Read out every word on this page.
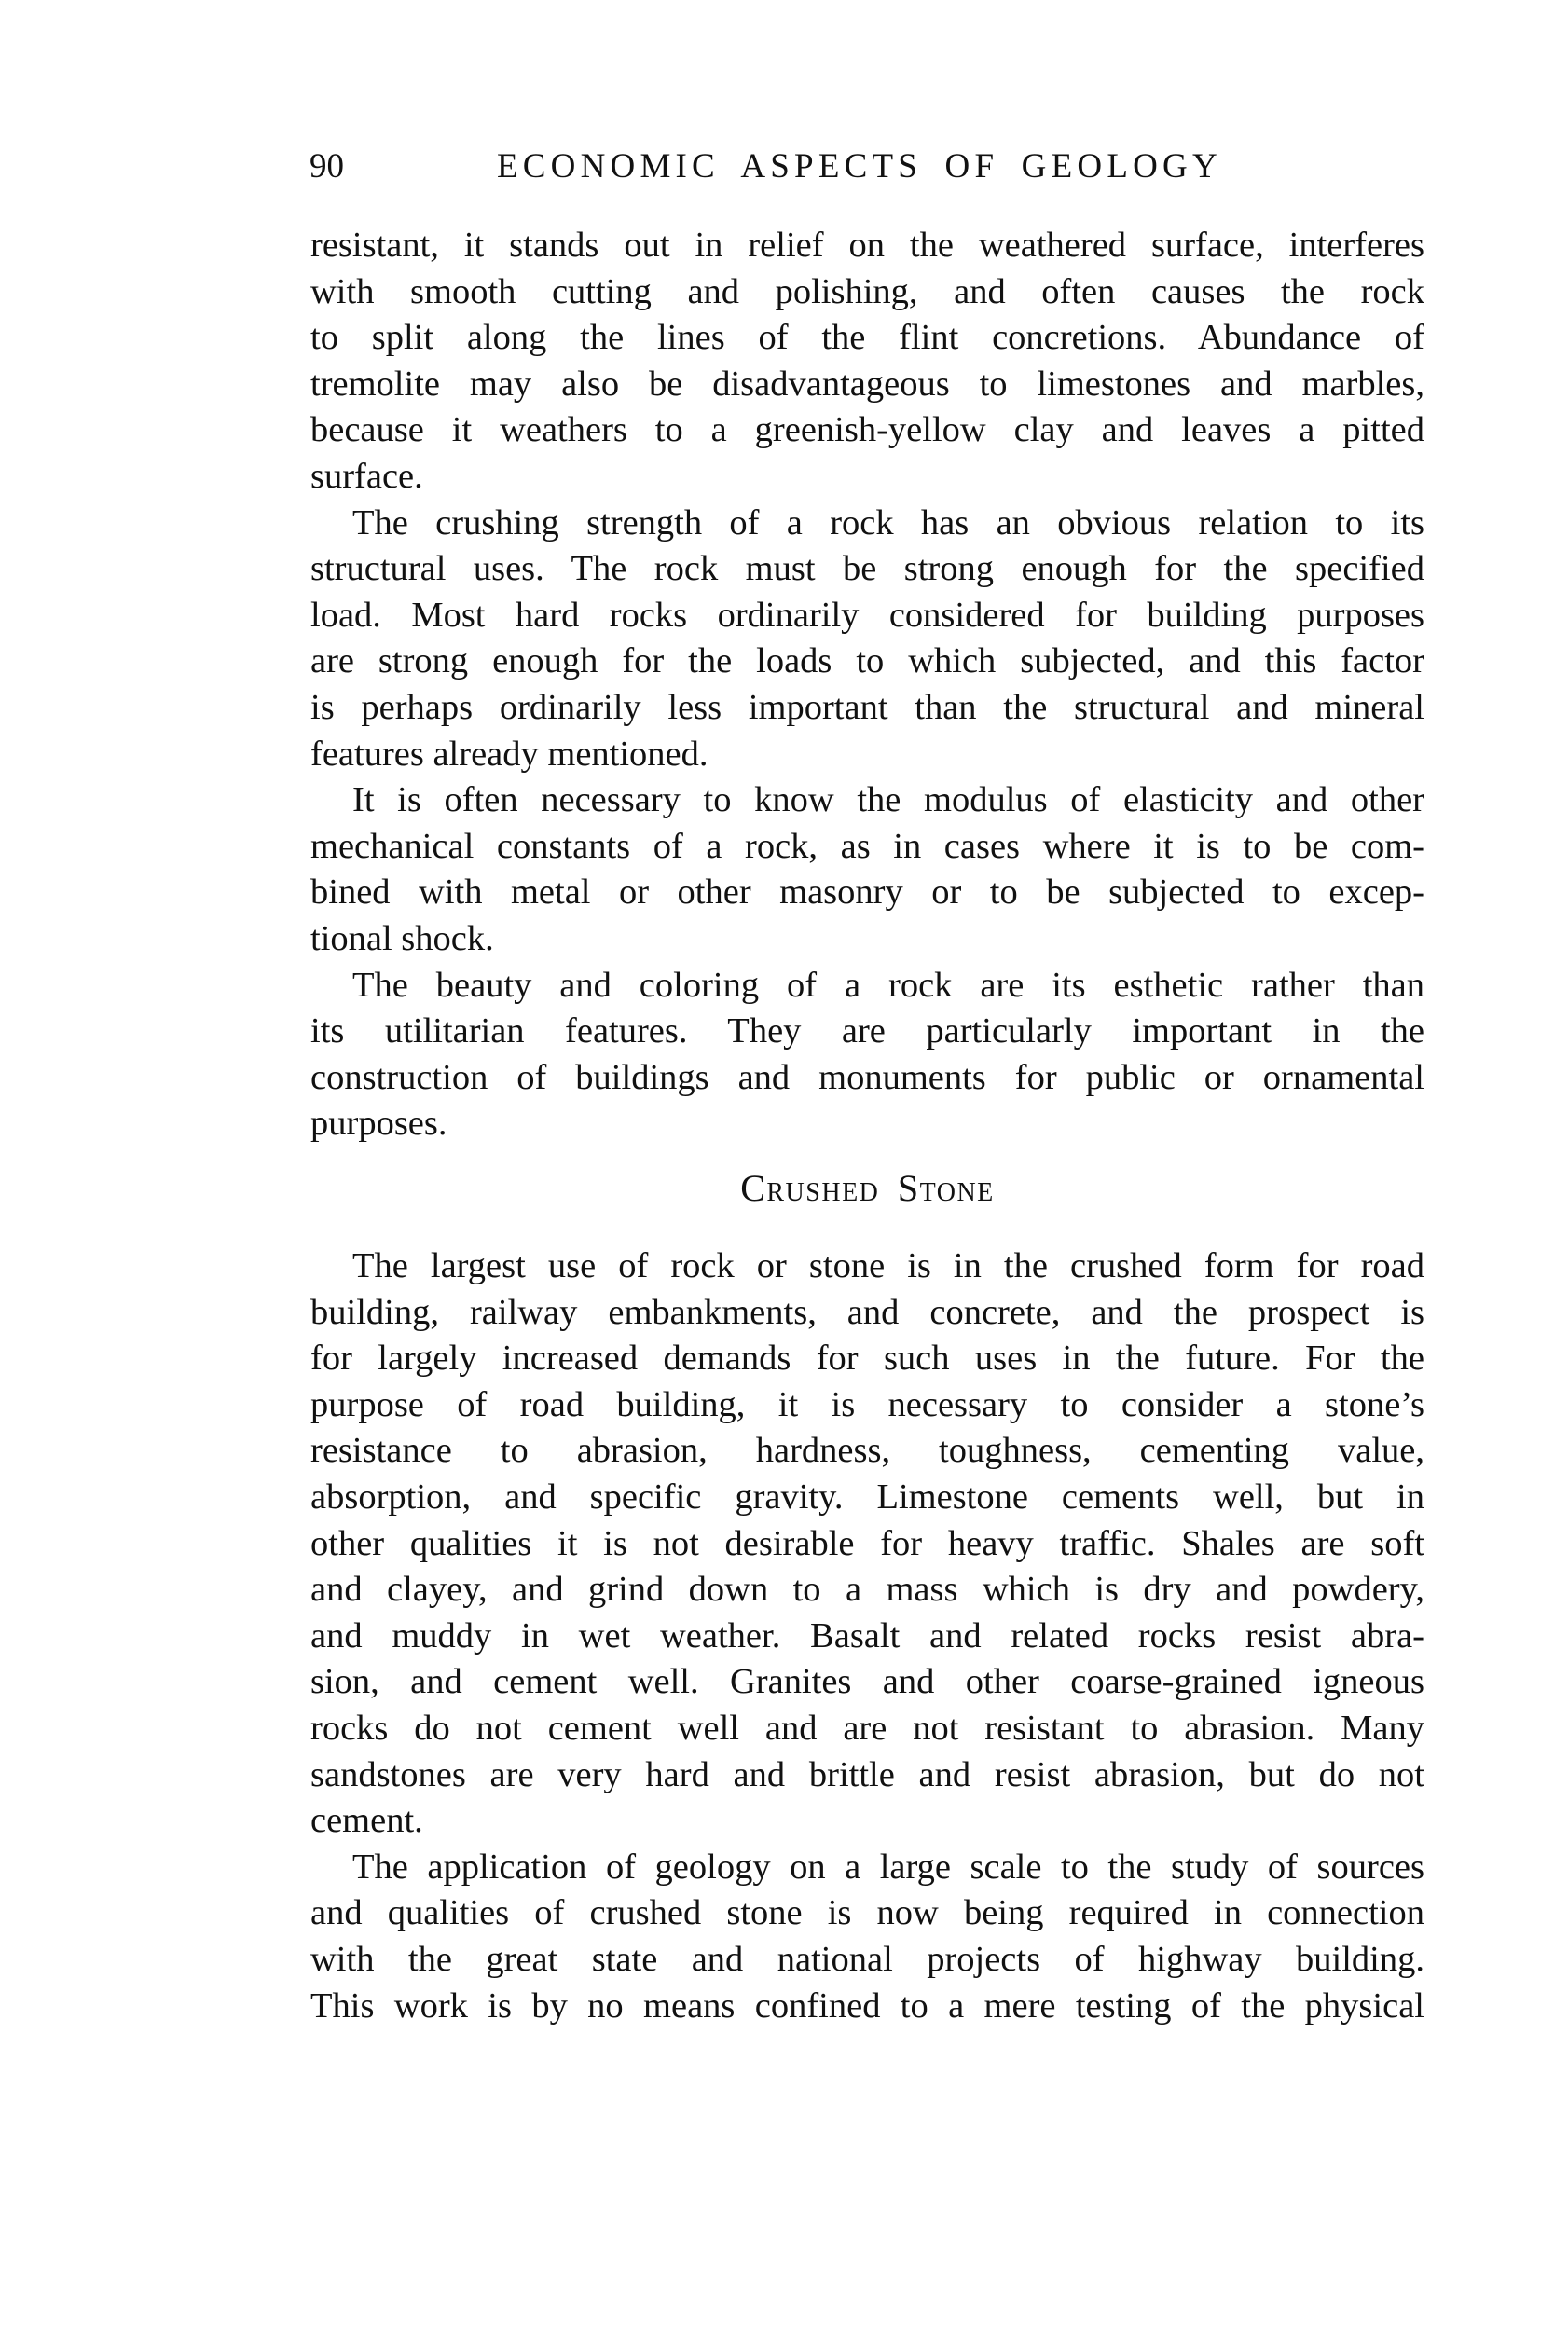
90	ECONOMIC ASPECTS OF GEOLOGY
resistant, it stands out in relief on the weathered surface, interferes
with smooth cutting and polishing, and often causes the rock
to split along the lines of the flint concretions. Abundance of
tremolite may also be disadvantageous to limestones and marbles,
because it weathers to a greenish-yellow clay and leaves a pitted
surface.
The crushing strength of a rock has an obvious relation to its
structural uses. The rock must be strong enough for the specified
load. Most hard rocks ordinarily considered for building purposes
are strong enough for the loads to which subjected, and this factor
is perhaps ordinarily less important than the structural and mineral
features already mentioned.
It is often necessary to know the modulus of elasticity and other
mechanical constants of a rock, as in cases where it is to be com-
bined with metal or other masonry or to be subjected to excep-
tional shock.
The beauty and coloring of a rock are its esthetic rather than
its utilitarian features. They are particularly important in the
construction of buildings and monuments for public or ornamental
purposes.
Crushed Stone
The largest use of rock or stone is in the crushed form for road
building, railway embankments, and concrete, and the prospect is
for largely increased demands for such uses in the future. For the
purpose of road building, it is necessary to consider a stone’s
resistance to abrasion, hardness, toughness, cementing value,
absorption, and specific gravity. Limestone cements well, but in
other qualities it is not desirable for heavy traffic. Shales are soft
and clayey, and grind down to a mass which is dry and powdery,
and muddy in wet weather. Basalt and related rocks resist abra-
sion, and cement well. Granites and other coarse-grained igneous
rocks do not cement well and are not resistant to abrasion. Many
sandstones are very hard and brittle and resist abrasion, but do not
cement.
The application of geology on a large scale to the study of sources
and qualities of crushed stone is now being required in connection
with the great state and national projects of highway building.
This work is by no means confined to a mere testing of the physical
